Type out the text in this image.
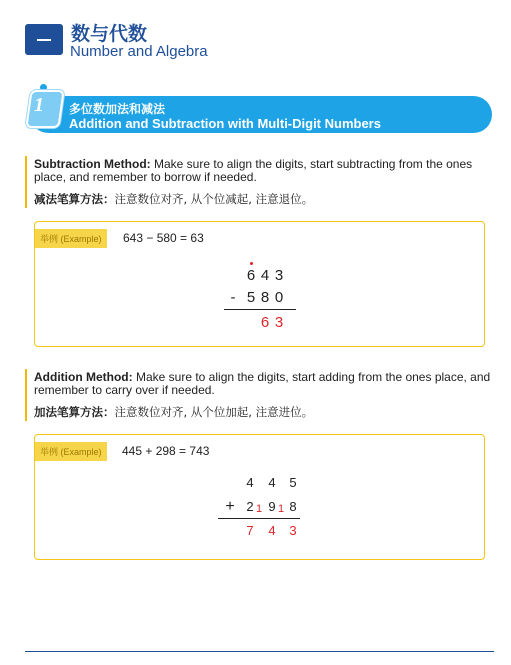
数与代数
Number and Algebra
1 多位数加法和减法
Addition and Subtraction with Multi-Digit Numbers
Subtraction Method: Make sure to align the digits, start subtracting from the ones place, and remember to borrow if needed.
减法笔算方法：注意数位对齐, 从个位减起, 注意退位。
举例 (Example)	643 − 580 = 63
6 4 3
- 5 8 0
6 3
Addition Method: Make sure to align the digits, start adding from the ones place, and remember to carry over if needed.
加法笔算方法：注意数位对齐, 从个位加起, 注意进位。
举例 (Example)	445 + 298 = 743
4 4 5
+ 2 1 9 1 8
7 4 3
